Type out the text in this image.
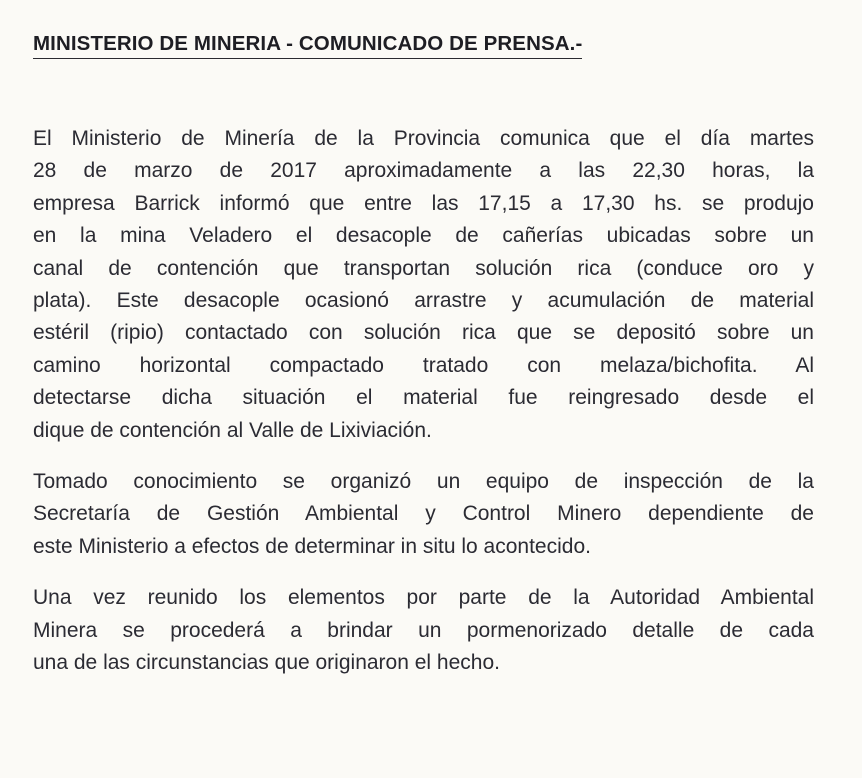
MINISTERIO DE MINERIA - COMUNICADO DE PRENSA.-

El Ministerio de Minería de la Provincia comunica que el día martes
28 de marzo de 2017 aproximadamente a las 22,30 horas, la
empresa Barrick informó que entre las 17,15 a 17,30 hs. se produjo
en la mina Veladero el desacople de cañerías ubicadas sobre un
canal de contención que transportan solución rica (conduce oro y
plata). Este desacople ocasionó arrastre y acumulación de material
estéril (ripio) contactado con solución rica que se depositó sobre un
camino horizontal compactado tratado con melaza/bichofita. Al
detectarse dicha situación el material fue reingresado desde el
dique de contención al Valle de Lixiviación.

Tomado conocimiento se organizó un equipo de inspección de la
Secretaría de Gestión Ambiental y Control Minero dependiente de
este Ministerio a efectos de determinar in situ lo acontecido.

Una vez reunido los elementos por parte de la Autoridad Ambiental
Minera se procederá a brindar un pormenorizado detalle de cada
una de las circunstancias que originaron el hecho.
